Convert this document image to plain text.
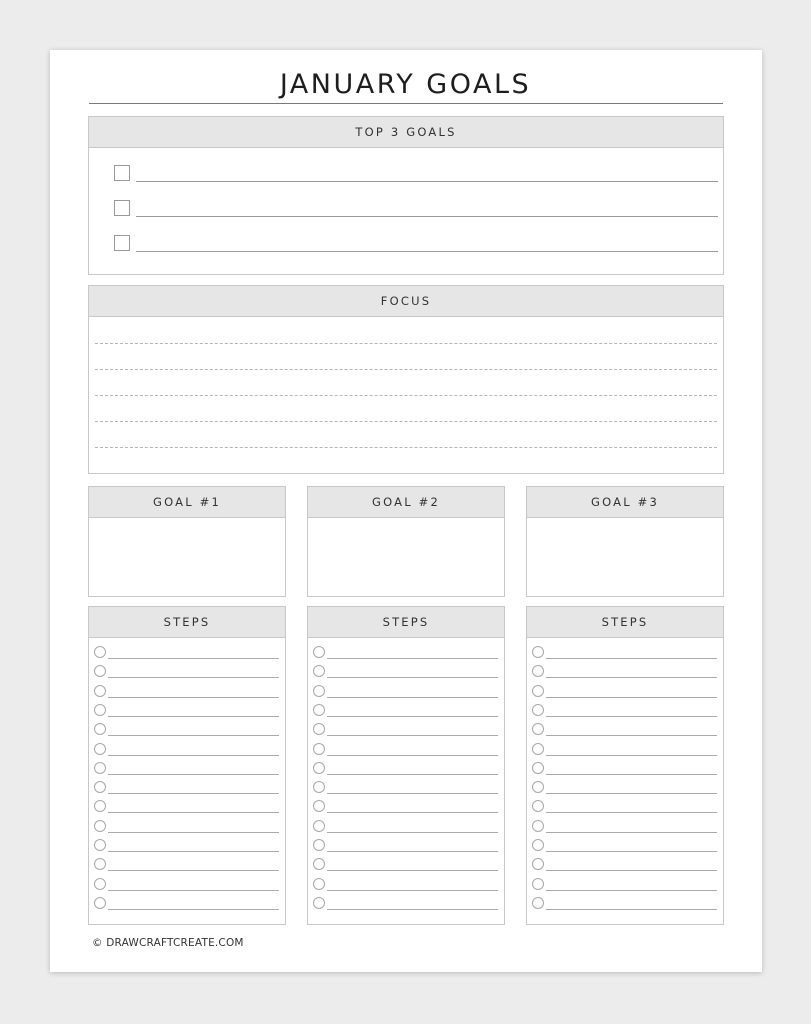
JANUARY GOALS
TOP 3 GOALS
FOCUS
GOAL #1	GOAL #2	GOAL #3
STEPS	STEPS	STEPS
© DRAWCRAFTCREATE.COM
